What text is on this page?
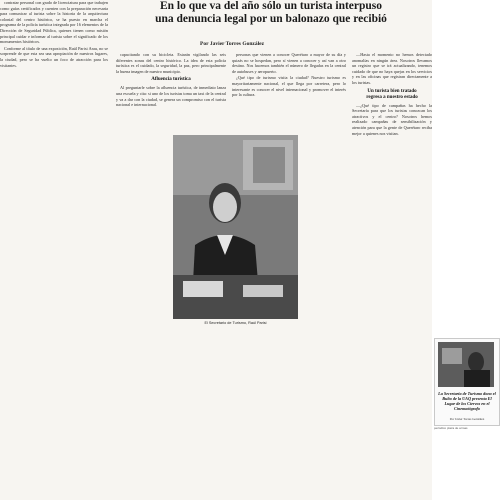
En lo que va del año sólo un turista interpuso
una denuncia legal por un balonazo que recibió
Por Javier Torres González

contratar personal con grado de licenciatura para que trabajen como guías certificados y cuenten con la preparación necesaria para comunicar al turista sobre la historia de la arquitectura colonial del centro histórico, se ha puesto en marcha el programa de la policía turística integrada por 16 elementos de la Dirección de Seguridad Pública, quienes tienen como misión principal cuidar e informar al turista sobre el significado de los monumentos históricos.

Conforme al título de una exposición, Raúl Parisi Arau, no se sorprende de que esta sea una apropiación de nuestros lugares, la ciudad, pero se ha vuelto un foco de atracción para los visitantes.

capacitando con su bicicleta. Estarán vigilando las seis diferentes zonas del centro histórico. La idea de esta policía turística es el cuidado, la seguridad, la paz, pero principalmente la buena imagen de nuestro municipio.

Afluencia turística

Al preguntarle sobre la afluencia turística, de inmediato lanza una escuela y cita: si uno de los turistas toma un taxi de la central y va a dar con la ciudad, se genera un compromiso con el turista nacional e internacional.

personas que vienen a conocer Querétaro a mayor de su día y quizás no se hospedan, pero sí vienen a conocer y así van a otro destino. Nos hacemos también el número de llegadas en la central de autobuses y aeropuerto.

¿Qué tipo de turismo visita la ciudad? Nuestro turismo es mayoritariamente nacional, el que llega por carretera, pero lo interesante es conocer el nivel internacional y promover el interés por la cultura.

—Hasta el momento no hemos detectado anomalías en ningún área. Nosotros llevamos un registro que se irá actualizando, tenemos cuidado de que no haya quejas en los servicios y en las oficinas que registran directamente a los turistas.

Un turista bien tratado
regresa a nuestro estado

—¿Qué tipo de campañas ha hecho la Secretaría para que los turistas conozcan los atractivos y el centro? Nosotros hemos realizado campañas de sensibilización y atención para que la gente de Querétaro reciba mejor a quienes nos visitan.

El Secretario de Turismo, Raúl Parisi
La Secretaría de Turismo dono el Bulto de la UAQ presenta El Lugar de los Ciervos en el Cinematógrafo
Por Javier Torres González
periódico plaza de armas
